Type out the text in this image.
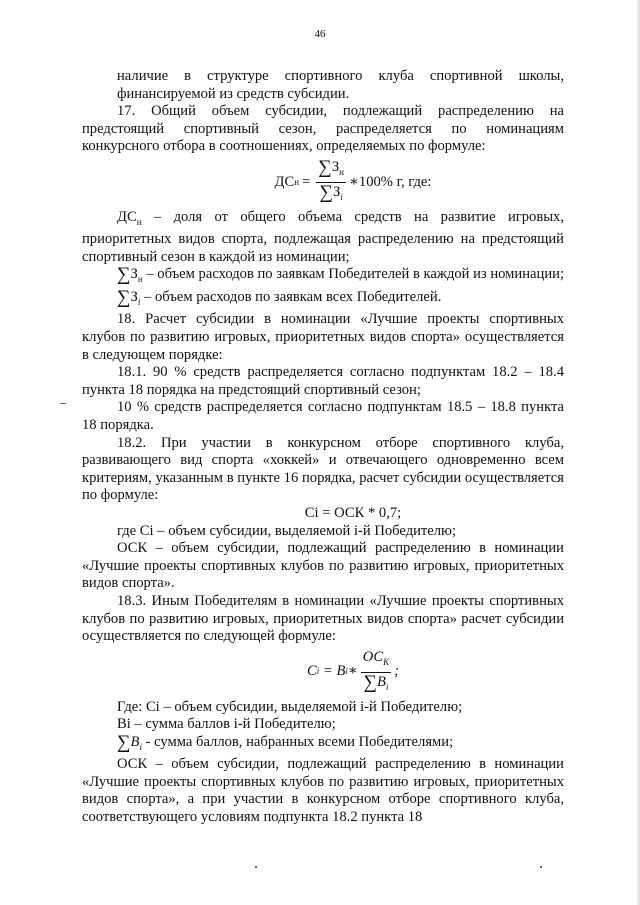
46

наличие в структуре спортивного клуба спортивной школы, финансируемой из средств субсидии.

17. Общий объем субсидии, подлежащий распределению на предстоящий спортивный сезон, распределяется по номинациям конкурсного отбора в соотношениях, определяемых по формуле:

ДС $н = \frac{\sum З_н}{\sum З_i}$ ∗100% г, где:

$ДС_н$ – доля от общего объема средств на развитие игровых, приоритетных видов спорта, подлежащая распределению на предстоящий спортивный сезон в каждой из номинации;

$\sum З_н$ – объем расходов по заявкам Победителей в каждой из номинации;

$\sum З_i$ – объем расходов по заявкам всех Победителей.

18. Расчет субсидии в номинации «Лучшие проекты спортивных клубов по развитию игровых, приоритетных видов спорта» осуществляется в следующем порядке:

18.1. 90 % средств распределяется согласно подпунктам 18.2 – 18.4 пункта 18 порядка на предстоящий спортивный сезон;

10 % средств распределяется согласно подпунктам 18.5 – 18.8 пункта 18 порядка.

18.2. При участии в конкурсном отборе спортивного клуба, развивающего вид спорта «хоккей» и отвечающего одновременно всем критериям, указанным в пункте 16 порядка, расчет субсидии осуществляется по формуле:

Ci = ОСК * 0,7;

где Ci – объем субсидии, выделяемой i-й Победителю;

ОСК – объем субсидии, подлежащий распределению в номинации «Лучшие проекты спортивных клубов по развитию игровых, приоритетных видов спорта».

18.3. Иным Победителям в номинации «Лучшие проекты спортивных клубов по развитию игровых, приоритетных видов спорта» расчет субсидии осуществляется по следующей формуле:

C i = B i ∗ $\frac{OC_K}{\sum B_i}$ ;

Где: Ci – объем субсидии, выделяемой i-й Победителю;

Bi – сумма баллов i-й Победителю;

$\sum B_i$ - сумма баллов, набранных всеми Победителями;

ОСК – объем субсидии, подлежащий распределению в номинации «Лучшие проекты спортивных клубов по развитию игровых, приоритетных видов спорта», а при участии в конкурсном отборе спортивного клуба, соответствующего условиям подпункта 18.2 пункта 18
